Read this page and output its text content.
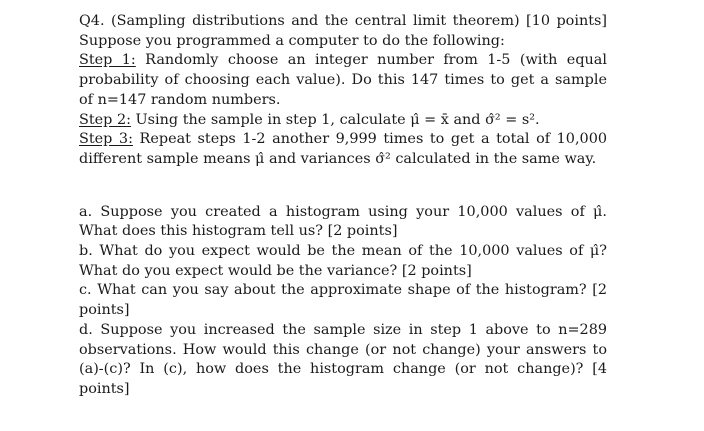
Q4. (Sampling distributions and the central limit theorem) [10 points] Suppose you programmed a computer to do the following:

Step 1: Randomly choose an integer number from 1-5 (with equal probability of choosing each value). Do this 147 times to get a sample of n=147 random numbers.

Step 2: Using the sample in step 1, calculate μ̂ = x̄ and σ̂² = s².

Step 3: Repeat steps 1-2 another 9,999 times to get a total of 10,000 different sample means μ̂ and variances σ̂² calculated in the same way.

a. Suppose you created a histogram using your 10,000 values of μ̂. What does this histogram tell us? [2 points]

b. What do you expect would be the mean of the 10,000 values of μ̂? What do you expect would be the variance? [2 points]

c. What can you say about the approximate shape of the histogram? [2 points]

d. Suppose you increased the sample size in step 1 above to n=289 observations. How would this change (or not change) your answers to (a)-(c)? In (c), how does the histogram change (or not change)? [4 points]
